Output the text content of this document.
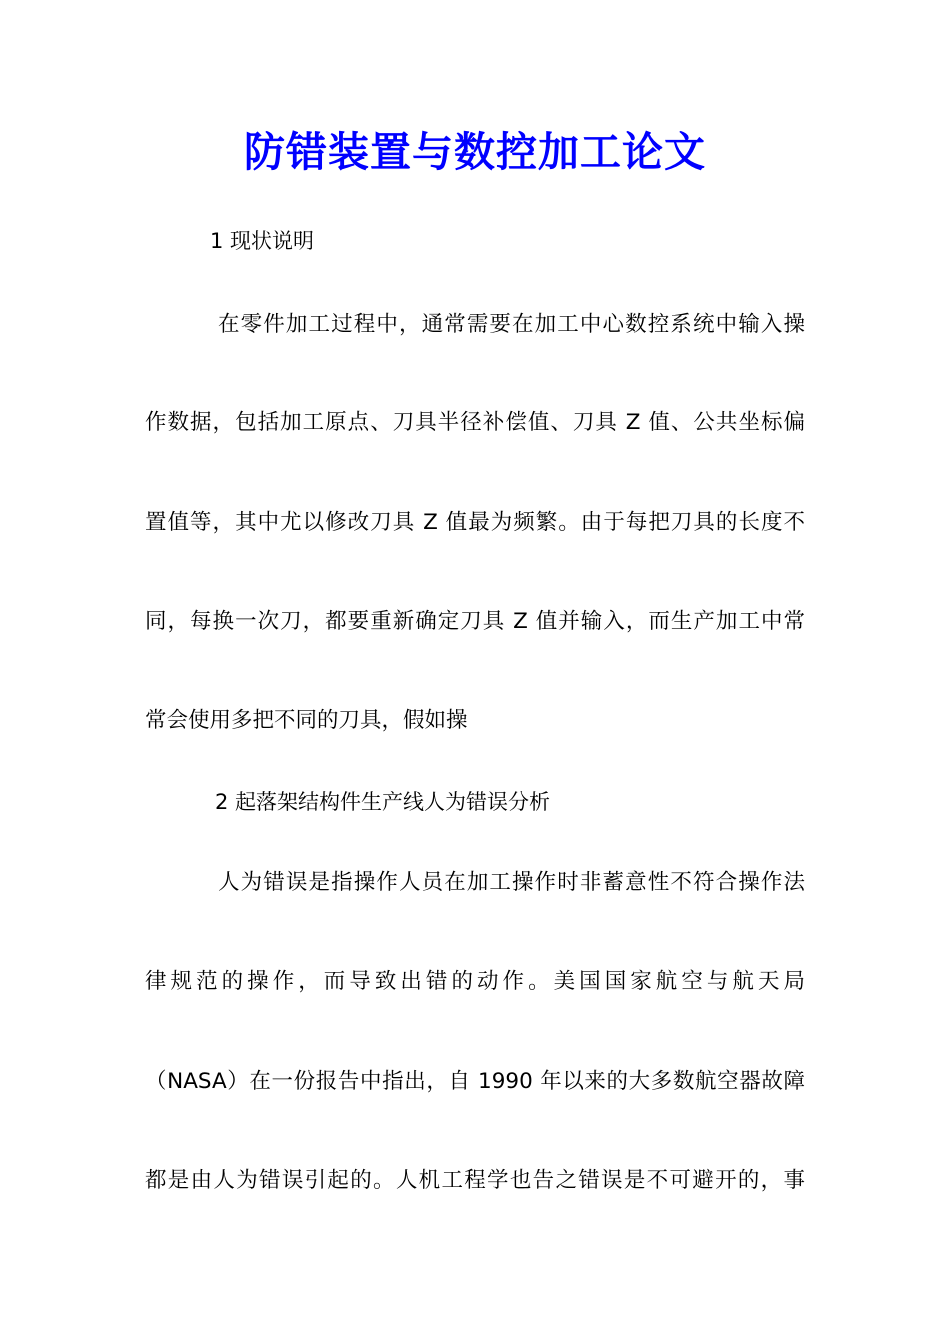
防错装置与数控加工论文
1 现状说明
在零件加工过程中，通常需要在加工中心数控系统中输入操
作数据，包括加工原点、刀具半径补偿值、刀具 Z 值、公共坐标偏
置值等，其中尤以修改刀具 Z 值最为频繁。由于每把刀具的长度不
同，每换一次刀，都要重新确定刀具 Z 值并输入，而生产加工中常
常会使用多把不同的刀具，假如操
2 起落架结构件生产线人为错误分析
人为错误是指操作人员在加工操作时非蓄意性不符合操作法
律规范的操作，而导致出错的动作。美国国家航空与航天局
（NASA）在一份报告中指出，自 1990 年以来的大多数航空器故障
都是由人为错误引起的。人机工程学也告之错误是不可避开的，事
